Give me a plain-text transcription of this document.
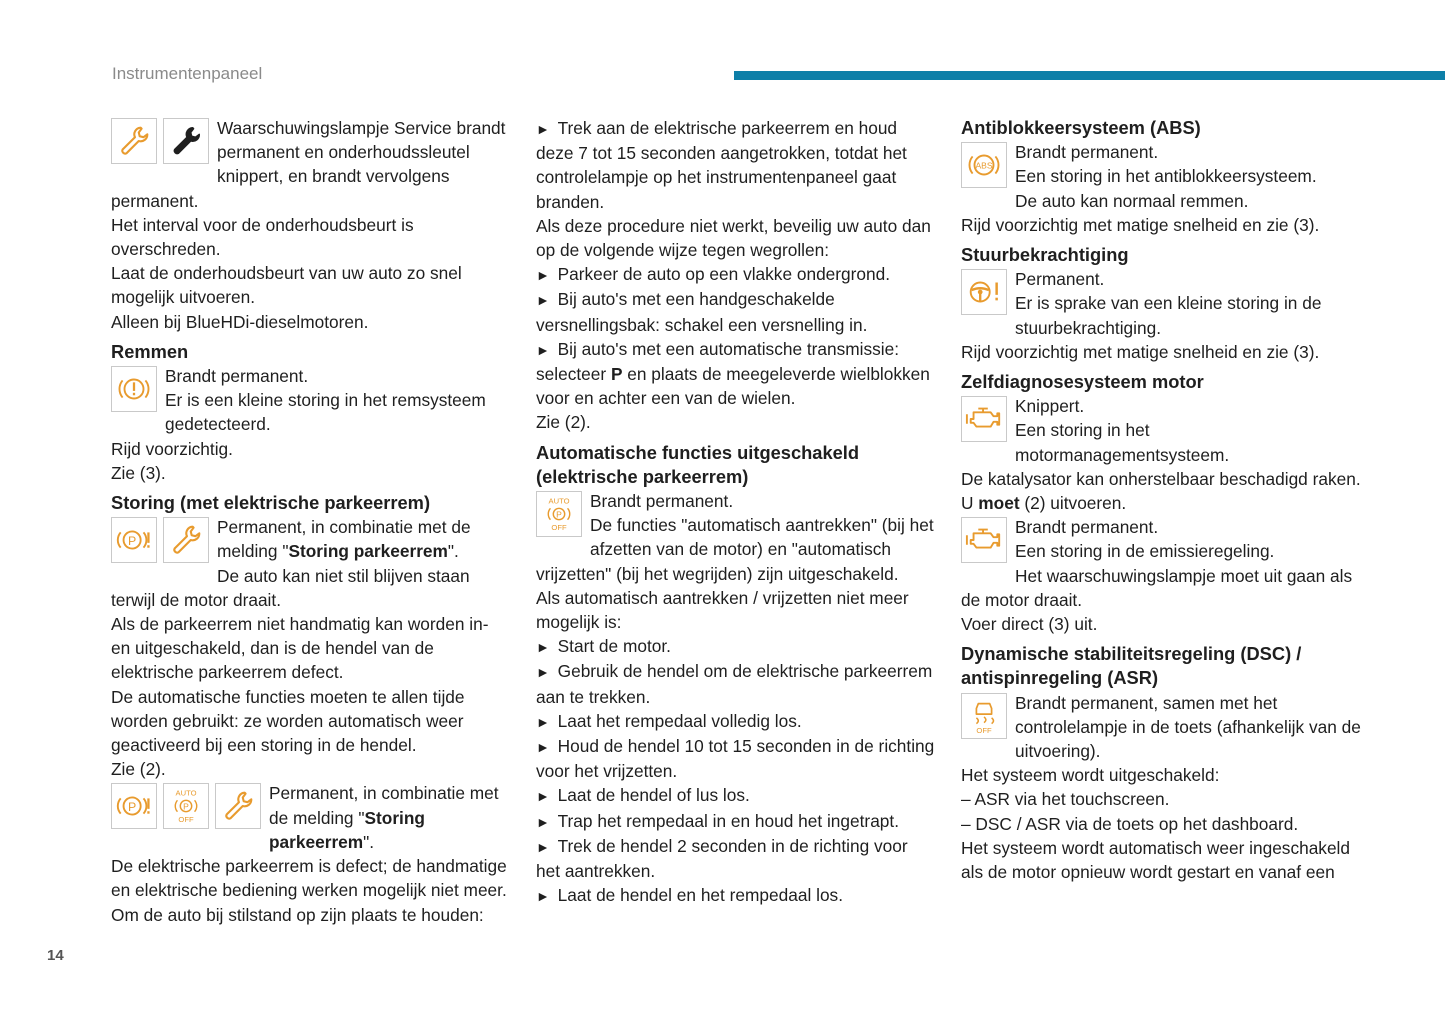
Instrumentenpaneel

Waarschuwingslampje Service brandt permanent en onderhoudssleutel knippert, en brandt vervolgens permanent.

Het interval voor de onderhoudsbeurt is overschreden.

Laat de onderhoudsbeurt van uw auto zo snel mogelijk uitvoeren.

Alleen bij BlueHDi-dieselmotoren.

Remmen

Brandt permanent.

Er is een kleine storing in het remsysteem gedetecteerd.

Rijd voorzichtig.

Zie (3).

Storing (met elektrische parkeerrem)
P

Permanent, in combinatie met de melding "Storing parkeerrem".

De auto kan niet stil blijven staan terwijl de motor draait.

Als de parkeerrem niet handmatig kan worden in- en uitgeschakeld, dan is de hendel van de elektrische parkeerrem defect.

De automatische functies moeten te allen tijde worden gebruikt: ze worden automatisch weer geactiveerd bij een storing in de hendel.

Zie (2).

P
AUTO
P
OFF

Permanent, in combinatie met de melding "Storing parkeerrem".

De elektrische parkeerrem is defect; de handmatige en elektrische bediening werken mogelijk niet meer.

Om de auto bij stilstand op zijn plaats te houden:

►  Trek aan de elektrische parkeerrem en houd deze 7 tot 15 seconden aangetrokken, totdat het controlelampje op het instrumentenpaneel gaat branden.

Als deze procedure niet werkt, beveilig uw auto dan op de volgende wijze tegen wegrollen:

►  Parkeer de auto op een vlakke ondergrond.

►  Bij auto's met een handgeschakelde versnellingsbak: schakel een versnelling in.

►  Bij auto's met een automatische transmissie: selecteer P en plaats de meegeleverde wielblokken voor en achter een van de wielen.

Zie (2).

Automatische functies uitgeschakeld (elektrische parkeerrem)
AUTO
P
OFF

Brandt permanent.

De functies "automatisch aantrekken" (bij het afzetten van de motor) en "automatisch vrijzetten" (bij het wegrijden) zijn uitgeschakeld.

Als automatisch aantrekken / vrijzetten niet meer mogelijk is:

►  Start de motor.

►  Gebruik de hendel om de elektrische parkeerrem aan te trekken.

►  Laat het rempedaal volledig los.

►  Houd de hendel 10 tot 15 seconden in de richting voor het vrijzetten.

►  Laat de hendel of lus los.

►  Trap het rempedaal in en houd het ingetrapt.

►  Trek de hendel 2 seconden in de richting voor het aantrekken.

►  Laat de hendel en het rempedaal los.

Antiblokkeersysteem (ABS)
ABS

Brandt permanent.

Een storing in het antiblokkeersysteem.

De auto kan normaal remmen.

Rijd voorzichtig met matige snelheid en zie (3).

Stuurbekrachtiging

Permanent.

Er is sprake van een kleine storing in de stuurbekrachtiging.

Rijd voorzichtig met matige snelheid en zie (3).

Zelfdiagnosesysteem motor

Knippert.

Een storing in het motormanagementsysteem.

De katalysator kan onherstelbaar beschadigd raken.

U moet (2) uitvoeren.

Brandt permanent.

Een storing in de emissieregeling.

Het waarschuwingslampje moet uit gaan als de motor draait.

Voer direct (3) uit.

Dynamische stabiliteitsregeling (DSC) / antispinregeling (ASR)
OFF

Brandt permanent, samen met het controlelampje in de toets (afhankelijk van de uitvoering).

Het systeem wordt uitgeschakeld:

– ASR via het touchscreen.

– DSC / ASR via de toets op het dashboard.

Het systeem wordt automatisch weer ingeschakeld als de motor opnieuw wordt gestart en vanaf een

14
